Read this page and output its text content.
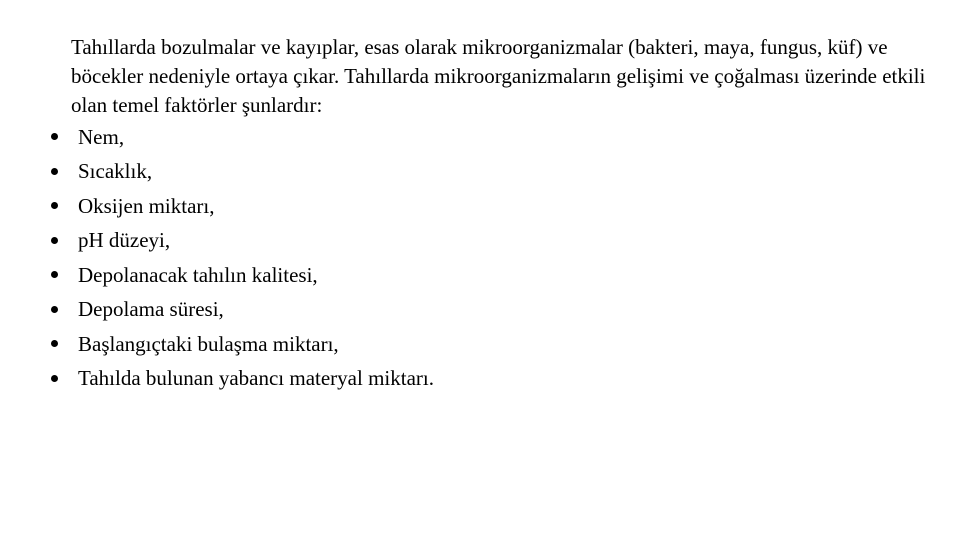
Tahıllarda bozulmalar ve kayıplar, esas olarak mikroorganizmalar (bakteri, maya, fungus, küf) ve böcekler nedeniyle ortaya çıkar. Tahıllarda mikroorganizmaların gelişimi ve çoğalması üzerinde etkili olan temel faktörler şunlardır:

Nem,
Sıcaklık,
Oksijen miktarı,
pH düzeyi,
Depolanacak tahılın kalitesi,
Depolama süresi,
Başlangıçtaki bulaşma miktarı,
Tahılda bulunan yabancı materyal miktarı.
